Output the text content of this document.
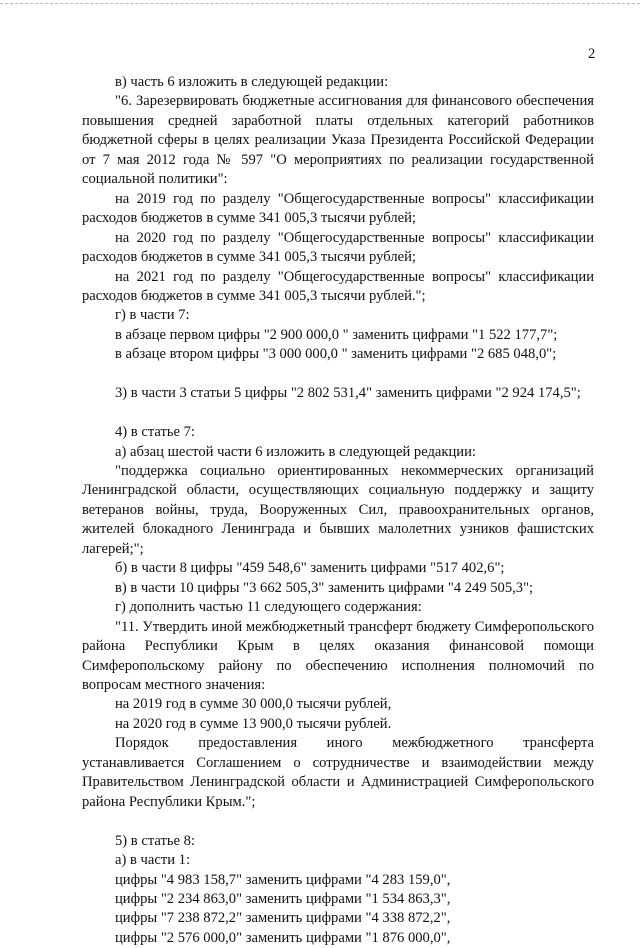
2

в) часть 6 изложить в следующей редакции:

"6. Зарезервировать бюджетные ассигнования для финансового обеспечения повышения средней заработной платы отдельных категорий работников бюджетной сферы в целях реализации Указа Президента Российской Федерации от 7 мая 2012 года № 597 "О мероприятиях по реализации государственной социальной политики":

на 2019 год по разделу "Общегосударственные вопросы" классификации расходов бюджетов в сумме 341 005,3 тысячи рублей;

на 2020 год по разделу "Общегосударственные вопросы" классификации расходов бюджетов в сумме 341 005,3 тысячи рублей;

на 2021 год по разделу "Общегосударственные вопросы" классификации расходов бюджетов в сумме 341 005,3 тысячи рублей.";

г) в части 7:

в абзаце первом цифры "2 900 000,0 " заменить цифрами "1 522 177,7";

в абзаце втором цифры "3 000 000,0 " заменить цифрами "2 685 048,0";

3) в части 3 статьи 5 цифры "2 802 531,4" заменить цифрами "2 924 174,5";

4) в статье 7:

а) абзац шестой части 6 изложить в следующей редакции:

"поддержка социально ориентированных некоммерческих организаций Ленинградской области, осуществляющих социальную поддержку и защиту ветеранов войны, труда, Вооруженных Сил, правоохранительных органов, жителей блокадного Ленинграда и бывших малолетних узников фашистских лагерей;";

б) в части 8 цифры "459 548,6" заменить цифрами "517 402,6";

в) в части 10 цифры "3 662 505,3" заменить цифрами "4 249 505,3";

г) дополнить частью 11 следующего содержания:

"11. Утвердить иной межбюджетный трансферт бюджету Симферопольского района Республики Крым в целях оказания финансовой помощи Симферопольскому району по обеспечению исполнения полномочий по вопросам местного значения:

на 2019 год в сумме 30 000,0 тысячи рублей,

на 2020 год в сумме 13 900,0 тысячи рублей.

Порядок предоставления иного межбюджетного трансферта устанавливается Соглашением о сотрудничестве и взаимодействии между Правительством Ленинградской области и Администрацией Симферопольского района Республики Крым.";

5) в статье 8:

а) в части 1:

цифры "4 983 158,7" заменить цифрами "4 283 159,0",

цифры "2 234 863,0" заменить цифрами "1 534 863,3",

цифры "7 238 872,2" заменить цифрами "4 338 872,2",

цифры "2 576 000,0" заменить цифрами "1 876 000,0",
